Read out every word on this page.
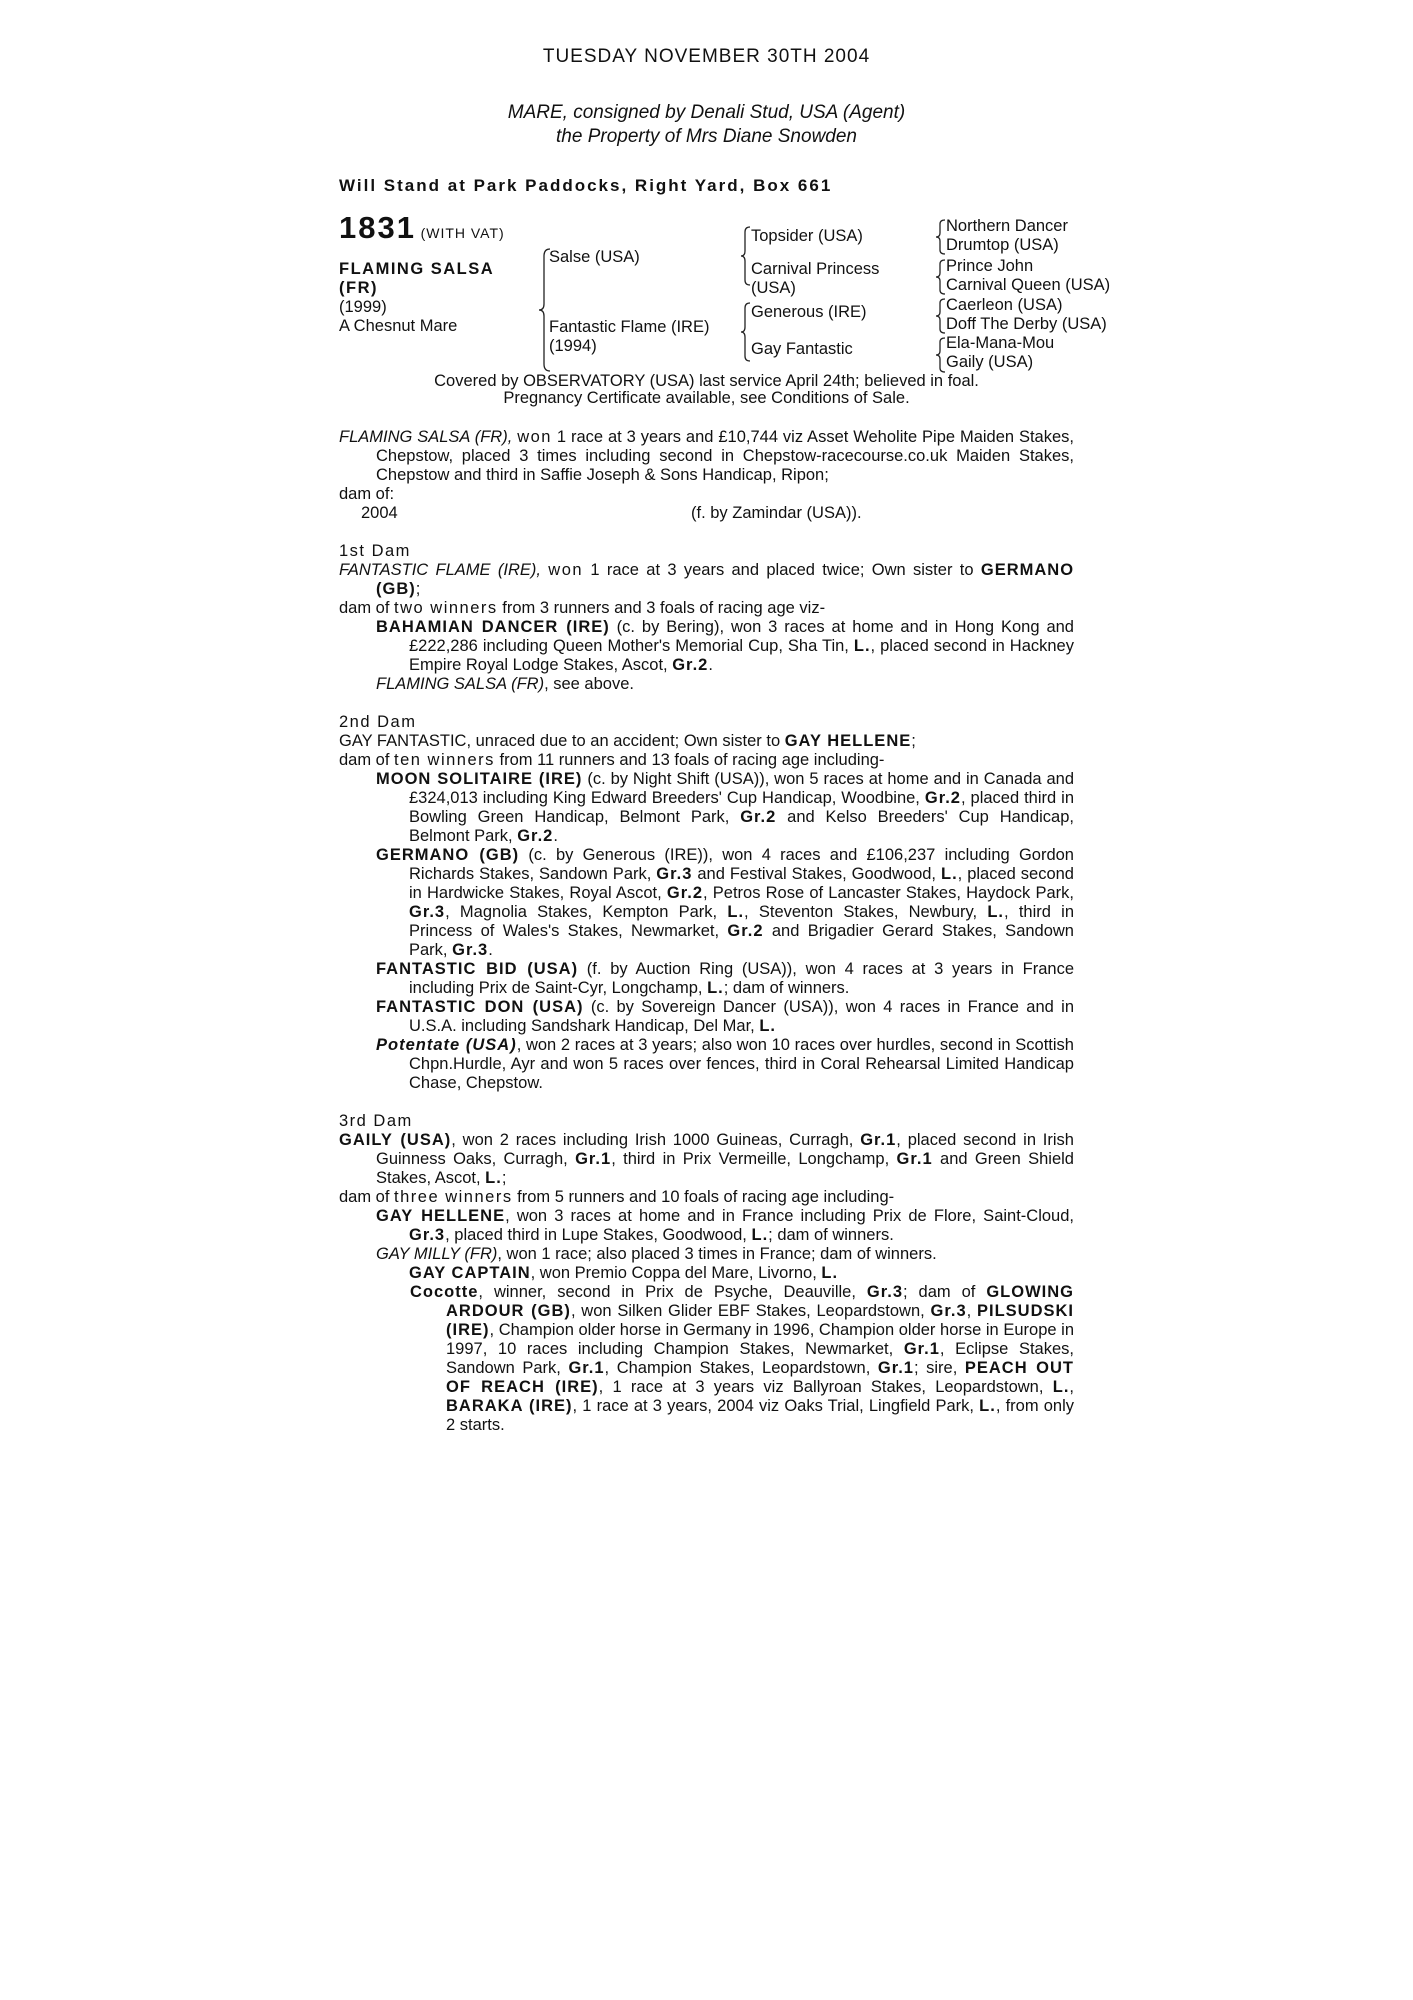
TUESDAY NOVEMBER 30TH 2004
MARE, consigned by Denali Stud, USA (Agent)
the Property of Mrs Diane Snowden
Will Stand at Park Paddocks, Right Yard, Box 661
1831 (WITH VAT)
FLAMING SALSA
(FR)
(1999)
A Chesnut Mare
Salse (USA)
Fantastic Flame (IRE)
(1994)
Topsider (USA)
Carnival Princess
(USA)
Generous (IRE)
Gay Fantastic
Northern Dancer
Drumtop (USA)
Prince John
Carnival Queen (USA)
Caerleon (USA)
Doff The Derby (USA)
Ela-Mana-Mou
Gaily (USA)
Covered by OBSERVATORY (USA) last service April 24th; believed in foal.
Pregnancy Certificate available, see Conditions of Sale.

FLAMING SALSA (FR), won 1 race at 3 years and £10,744 viz Asset Weholite Pipe Maiden Stakes, Chepstow, placed 3 times including second in Chepstow-racecourse.co.uk Maiden Stakes, Chepstow and third in Saffie Joseph & Sons Handicap, Ripon;

dam of:
2004	(f. by Zamindar (USA)).
1st Dam

FANTASTIC FLAME (IRE), won 1 race at 3 years and placed twice; Own sister to GERMANO (GB);

dam of two winners from 3 runners and 3 foals of racing age viz-

BAHAMIAN DANCER (IRE) (c. by Bering), won 3 races at home and in Hong Kong and £222,286 including Queen Mother's Memorial Cup, Sha Tin, L., placed second in Hackney Empire Royal Lodge Stakes, Ascot, Gr.2.

FLAMING SALSA (FR), see above.

2nd Dam

GAY FANTASTIC, unraced due to an accident; Own sister to GAY HELLENE;

dam of ten winners from 11 runners and 13 foals of racing age including-

MOON SOLITAIRE (IRE) (c. by Night Shift (USA)), won 5 races at home and in Canada and £324,013 including King Edward Breeders' Cup Handicap, Woodbine, Gr.2, placed third in Bowling Green Handicap, Belmont Park, Gr.2 and Kelso Breeders' Cup Handicap, Belmont Park, Gr.2.

GERMANO (GB) (c. by Generous (IRE)), won 4 races and £106,237 including Gordon Richards Stakes, Sandown Park, Gr.3 and Festival Stakes, Goodwood, L., placed second in Hardwicke Stakes, Royal Ascot, Gr.2, Petros Rose of Lancaster Stakes, Haydock Park, Gr.3, Magnolia Stakes, Kempton Park, L., Steventon Stakes, Newbury, L., third in Princess of Wales's Stakes, Newmarket, Gr.2 and Brigadier Gerard Stakes, Sandown Park, Gr.3.

FANTASTIC BID (USA) (f. by Auction Ring (USA)), won 4 races at 3 years in France including Prix de Saint-Cyr, Longchamp, L.; dam of winners.

FANTASTIC DON (USA) (c. by Sovereign Dancer (USA)), won 4 races in France and in U.S.A. including Sandshark Handicap, Del Mar, L.

Potentate (USA), won 2 races at 3 years; also won 10 races over hurdles, second in Scottish Chpn.Hurdle, Ayr and won 5 races over fences, third in Coral Rehearsal Limited Handicap Chase, Chepstow.

3rd Dam

GAILY (USA), won 2 races including Irish 1000 Guineas, Curragh, Gr.1, placed second in Irish Guinness Oaks, Curragh, Gr.1, third in Prix Vermeille, Longchamp, Gr.1 and Green Shield Stakes, Ascot, L.;

dam of three winners from 5 runners and 10 foals of racing age including-

GAY HELLENE, won 3 races at home and in France including Prix de Flore, Saint-Cloud, Gr.3, placed third in Lupe Stakes, Goodwood, L.; dam of winners.

GAY MILLY (FR), won 1 race; also placed 3 times in France; dam of winners.

GAY CAPTAIN, won Premio Coppa del Mare, Livorno, L.

Cocotte, winner, second in Prix de Psyche, Deauville, Gr.3; dam of GLOWING ARDOUR (GB), won Silken Glider EBF Stakes, Leopardstown, Gr.3, PILSUDSKI (IRE), Champion older horse in Germany in 1996, Champion older horse in Europe in 1997, 10 races including Champion Stakes, Newmarket, Gr.1, Eclipse Stakes, Sandown Park, Gr.1, Champion Stakes, Leopardstown, Gr.1; sire, PEACH OUT OF REACH (IRE), 1 race at 3 years viz Ballyroan Stakes, Leopardstown, L., BARAKA (IRE), 1 race at 3 years, 2004 viz Oaks Trial, Lingfield Park, L., from only 2 starts.
